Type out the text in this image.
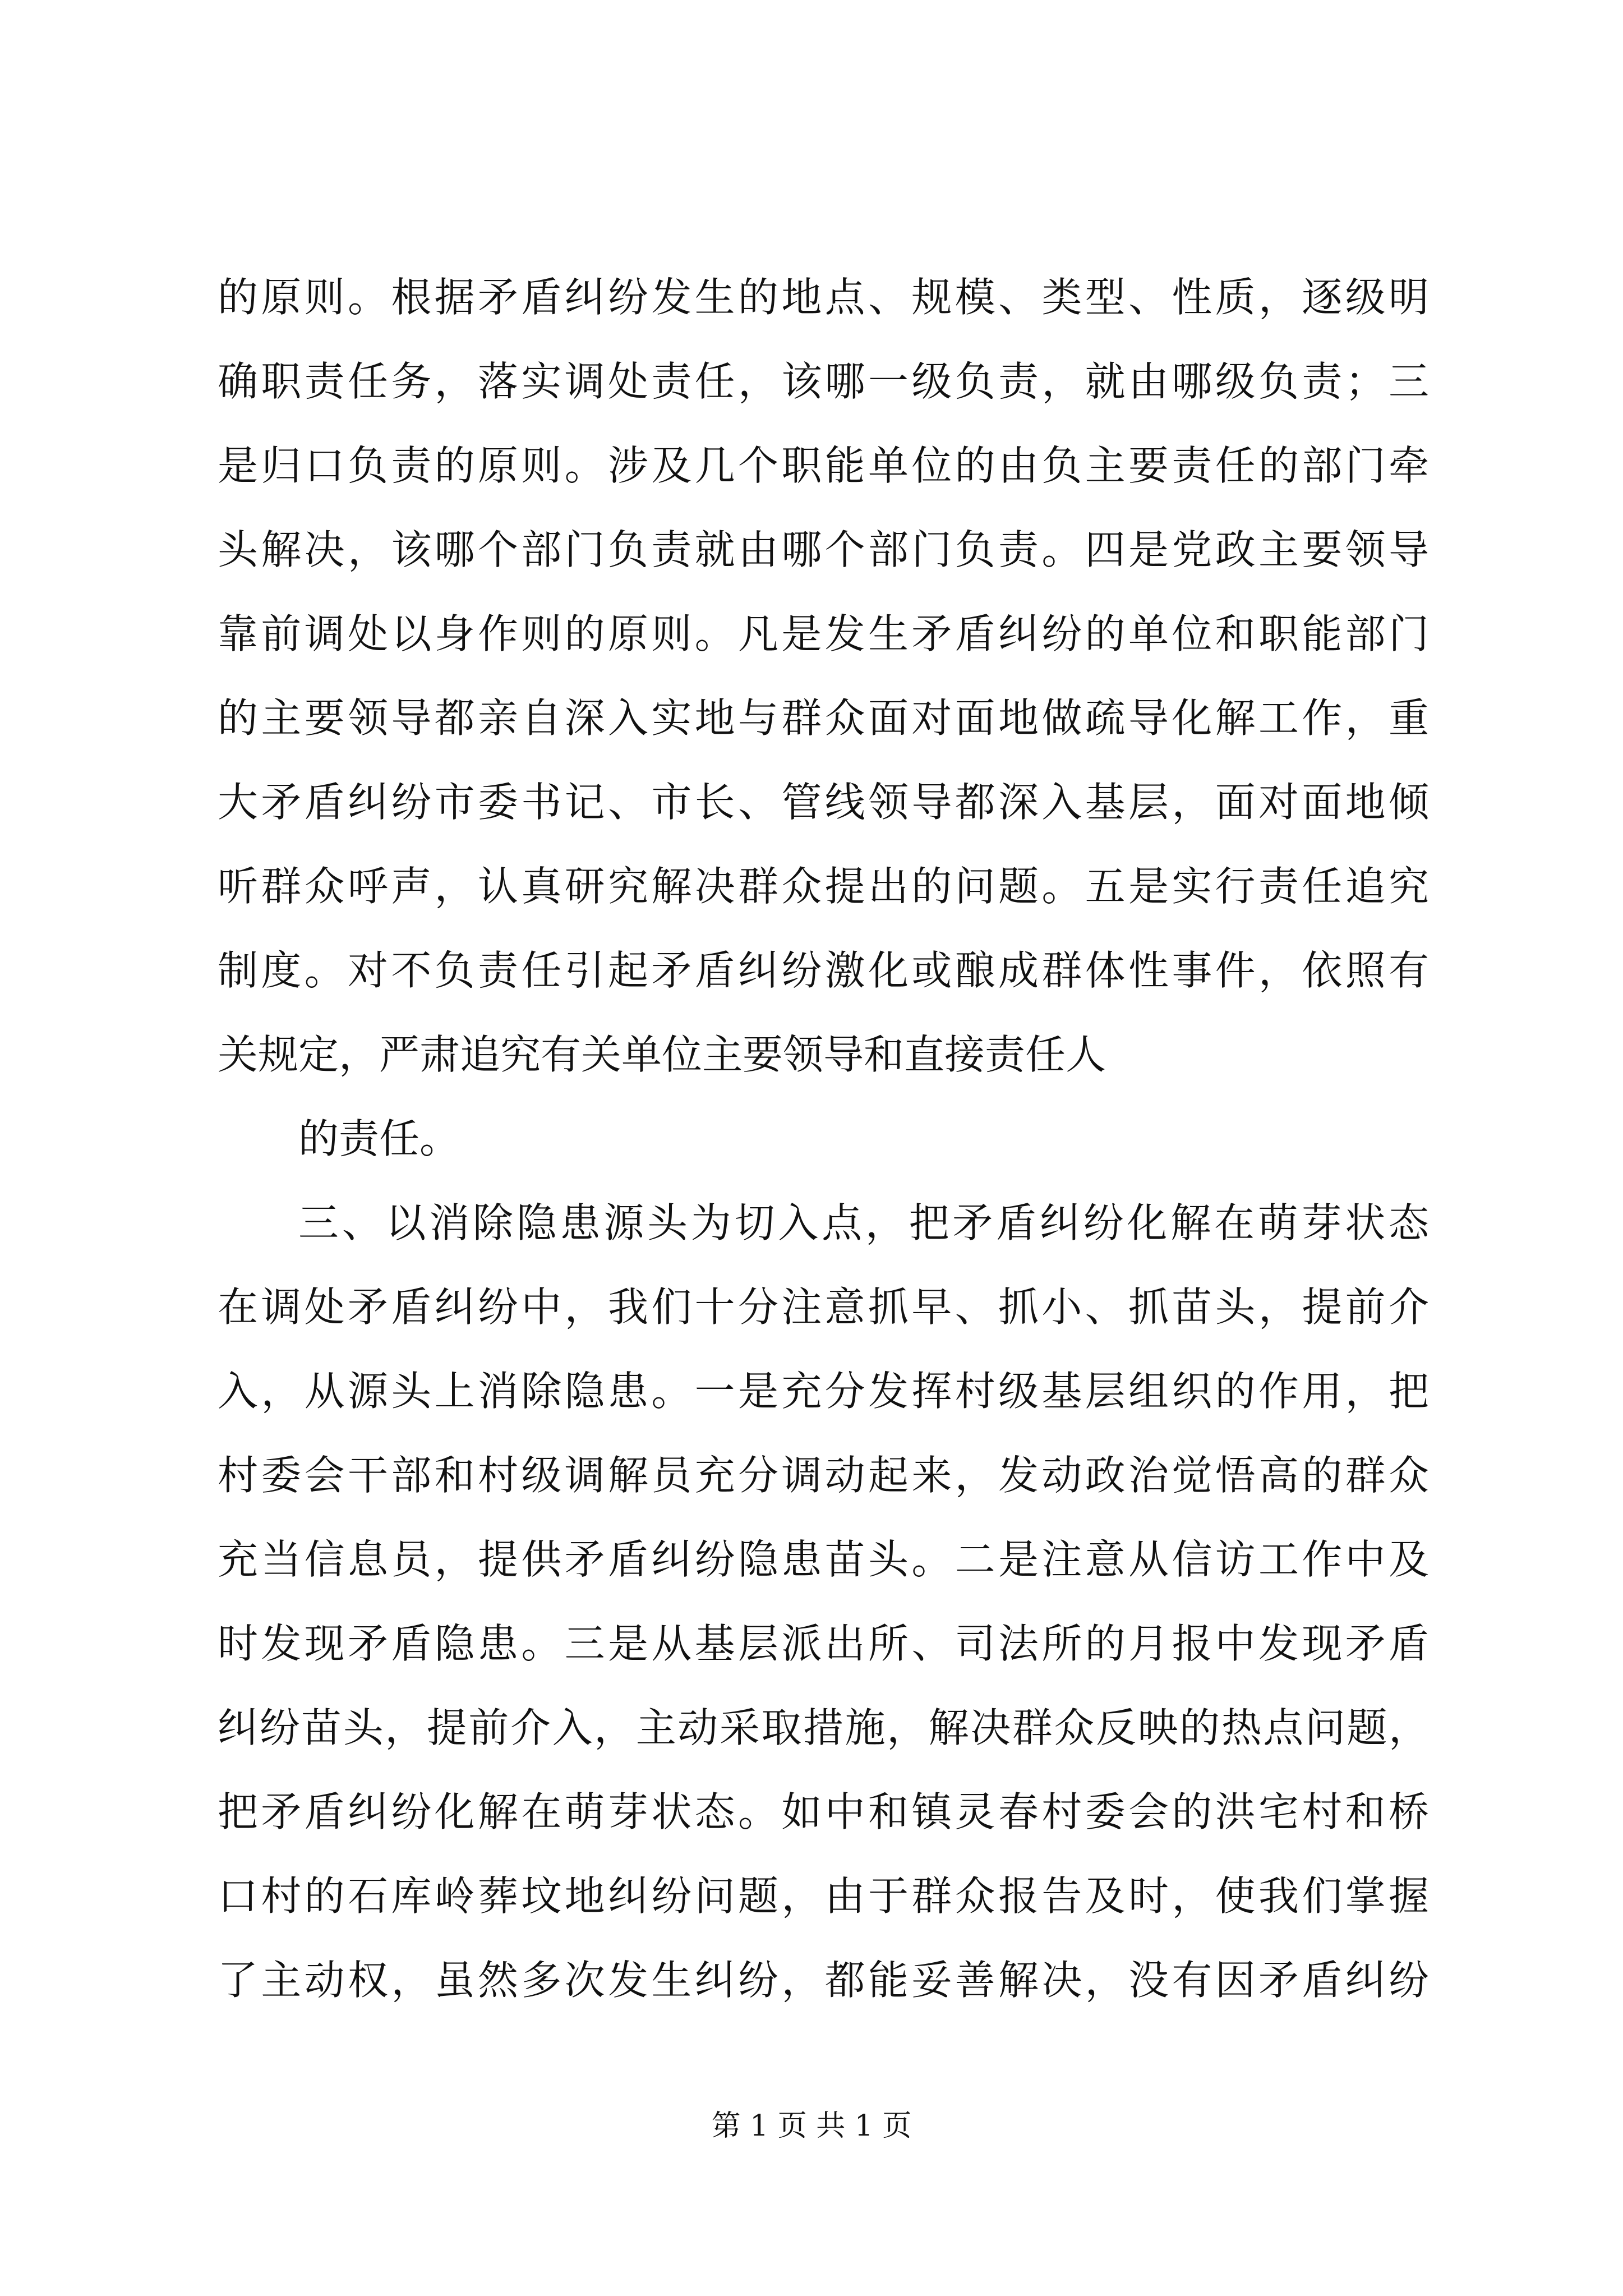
的原则。根据矛盾纠纷发生的地点、规模、类型、性质，逐级明
确职责任务，落实调处责任，该哪一级负责，就由哪级负责；三
是归口负责的原则。涉及几个职能单位的由负主要责任的部门牵
头解决，该哪个部门负责就由哪个部门负责。四是党政主要领导
靠前调处以身作则的原则。凡是发生矛盾纠纷的单位和职能部门
的主要领导都亲自深入实地与群众面对面地做疏导化解工作，重
大矛盾纠纷市委书记、市长、管线领导都深入基层，面对面地倾
听群众呼声，认真研究解决群众提出的问题。五是实行责任追究
制度。对不负责任引起矛盾纠纷激化或酿成群体性事件，依照有
关规定，严肃追究有关单位主要领导和直接责任人
的责任。
三、以消除隐患源头为切入点，把矛盾纠纷化解在萌芽状态
在调处矛盾纠纷中，我们十分注意抓早、抓小、抓苗头，提前介
入，从源头上消除隐患。一是充分发挥村级基层组织的作用，把
村委会干部和村级调解员充分调动起来，发动政治觉悟高的群众
充当信息员，提供矛盾纠纷隐患苗头。二是注意从信访工作中及
时发现矛盾隐患。三是从基层派出所、司法所的月报中发现矛盾
纠纷苗头，提前介入，主动采取措施，解决群众反映的热点问题，
把矛盾纠纷化解在萌芽状态。如中和镇灵春村委会的洪宅村和桥
口村的石库岭葬坟地纠纷问题，由于群众报告及时，使我们掌握
了主动权，虽然多次发生纠纷，都能妥善解决，没有因矛盾纠纷
第 1 页 共 1 页
